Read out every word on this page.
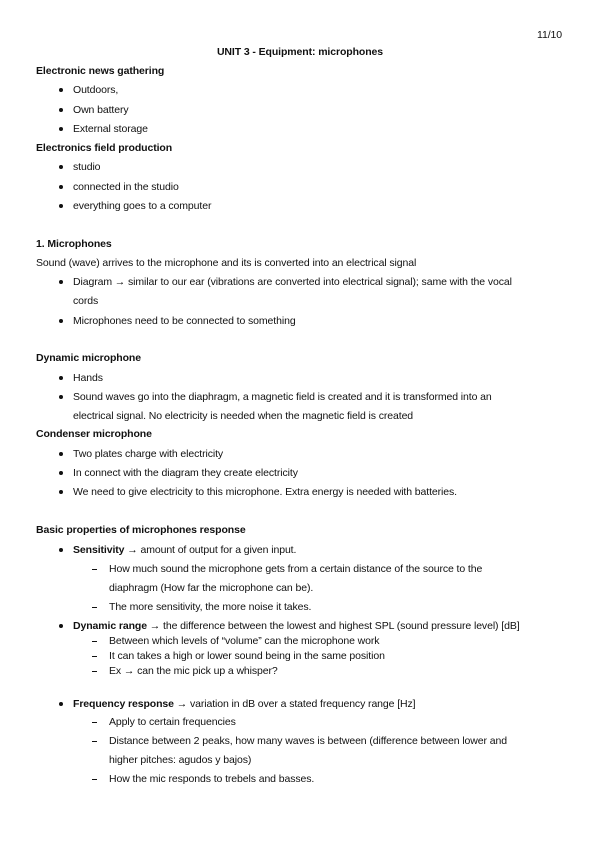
11/10
UNIT 3 - Equipment: microphones
Electronic news gathering
Outdoors,
Own battery
External storage
Electronics field production
studio
connected in the studio
everything goes to a computer
1. Microphones
Sound (wave) arrives to the microphone and its is converted into an electrical signal
Diagram → similar to our ear (vibrations are converted into electrical signal); same with the vocal
cords
Microphones need to be connected to something
Dynamic microphone
Hands
Sound waves go into the diaphragm, a magnetic field is created and it is transformed into an
electrical signal. No electricity is needed when the magnetic field is created
Condenser microphone
Two plates charge with electricity
In connect with the diagram they create electricity
We need to give electricity to this microphone. Extra energy is needed with batteries.
Basic properties of microphones response
Sensitivity → amount of output for a given input.
How much sound the microphone gets from a certain distance of the source to the
diaphragm (How far the microphone can be).
The more sensitivity, the more noise it takes.
Dynamic range → the difference between the lowest and highest SPL (sound pressure level) [dB]
Between which levels of “volume” can the microphone work
It can takes a high or lower sound being in the same position
Ex → can the mic pick up a whisper?
Frequency response → variation in dB over a stated frequency range [Hz]
Apply to certain frequencies
Distance between 2 peaks, how many waves is between (difference between lower and
higher pitches: agudos y bajos)
How the mic responds to trebels and basses.
